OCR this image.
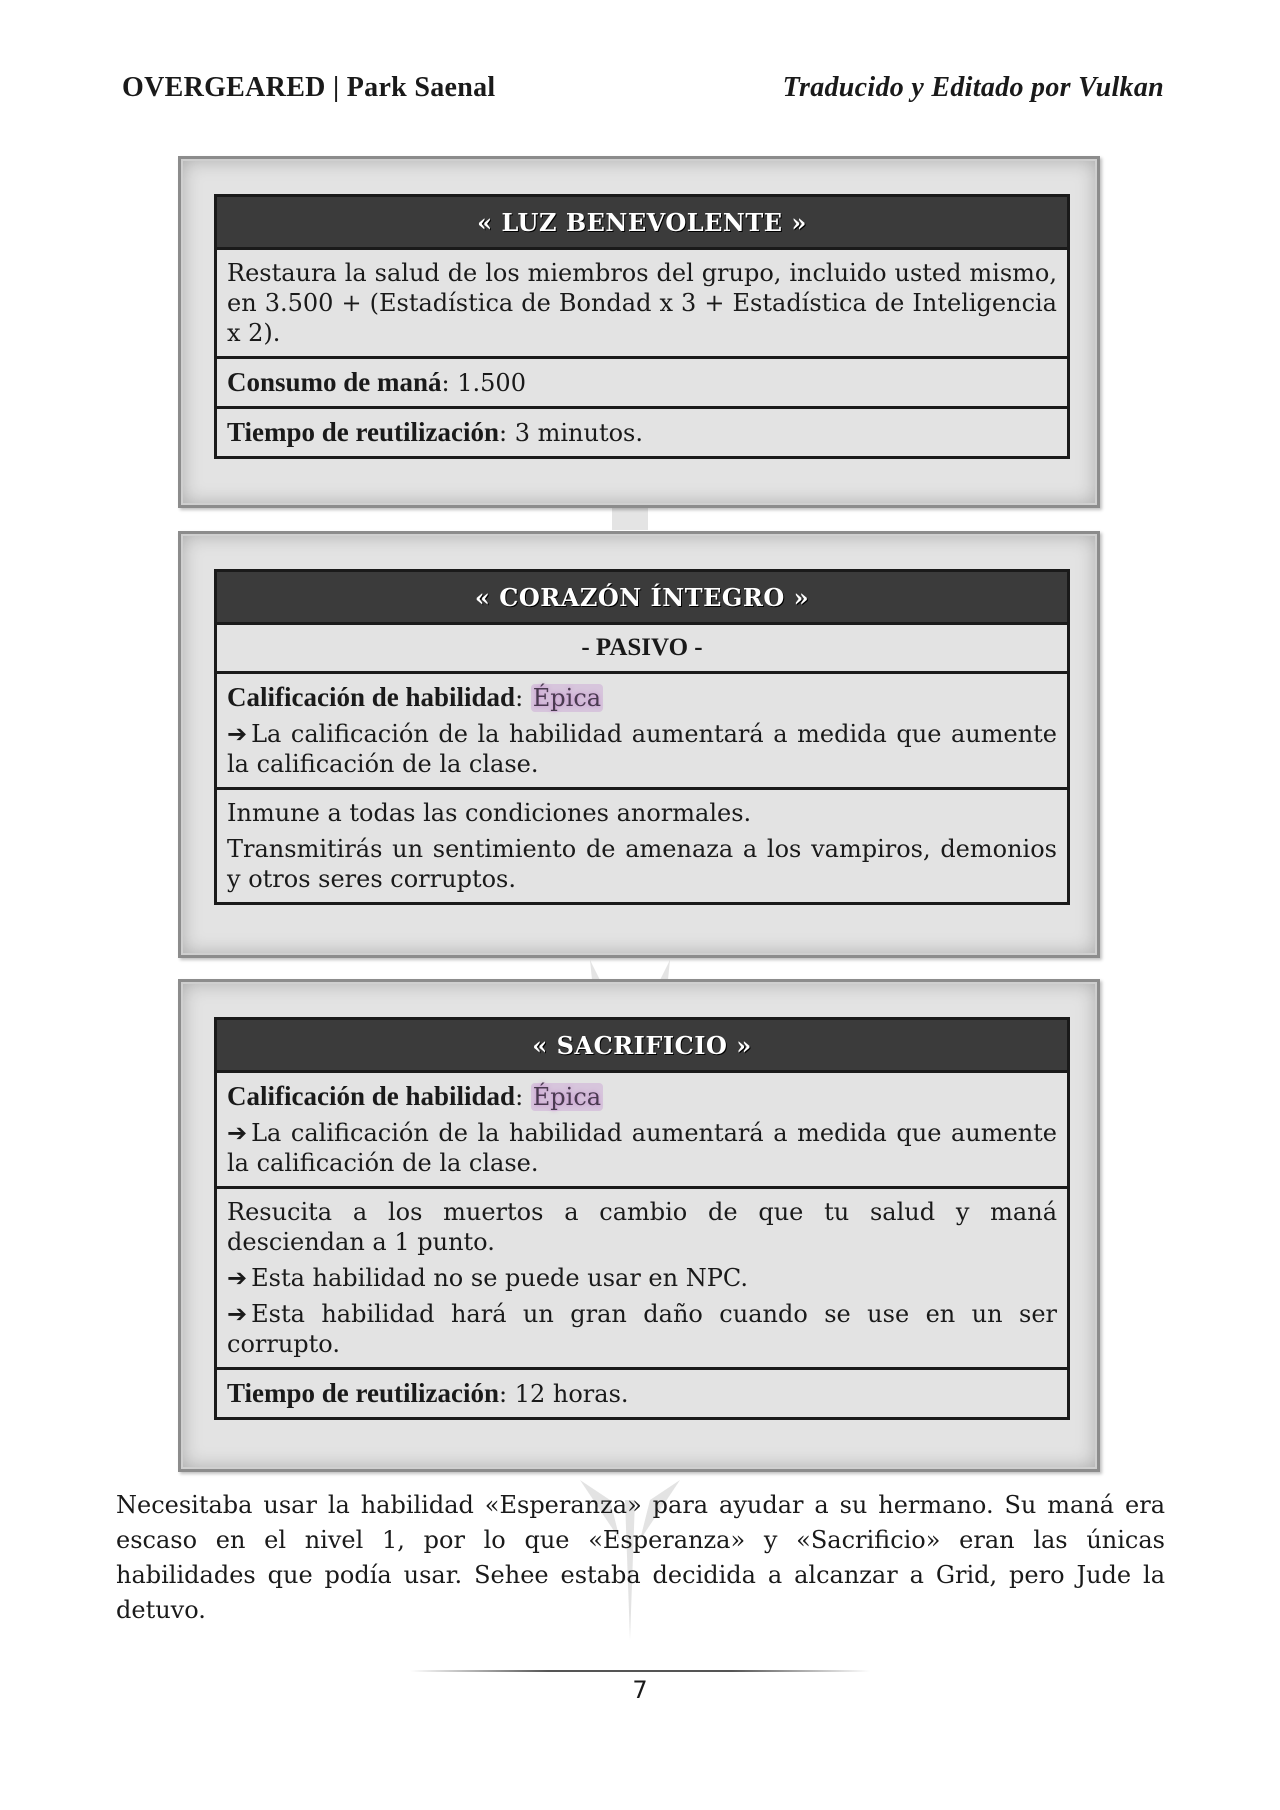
OVERGEARED | Park Saenal	Traducido y Editado por Vulkan
« LUZ BENEVOLENTE »

Restaura la salud de los miembros del grupo, incluido usted mismo, en 3.500 + (Estadística de Bondad x 3 + Estadística de Inteligencia x 2).

Consumo de maná: 1.500
Tiempo de reutilización: 3 minutos.
« CORAZÓN ÍNTEGRO »
- PASIVO -

Calificación de habilidad: Épica

➔ La calificación de la habilidad aumentará a medida que aumente la calificación de la clase.

Inmune a todas las condiciones anormales.

Transmitirás un sentimiento de amenaza a los vampiros, demonios y otros seres corruptos.

« SACRIFICIO »

Calificación de habilidad: Épica

➔ La calificación de la habilidad aumentará a medida que aumente la calificación de la clase.

Resucita a los muertos a cambio de que tu salud y maná desciendan a 1 punto.

➔ Esta habilidad no se puede usar en NPC.

➔ Esta habilidad hará un gran daño cuando se use en un ser corrupto.

Tiempo de reutilización: 12 horas.

Necesitaba usar la habilidad «Esperanza» para ayudar a su hermano. Su maná era escaso en el nivel 1, por lo que «Esperanza» y «Sacrificio» eran las únicas habilidades que podía usar. Sehee estaba decidida a alcanzar a Grid, pero Jude la detuvo.

7
